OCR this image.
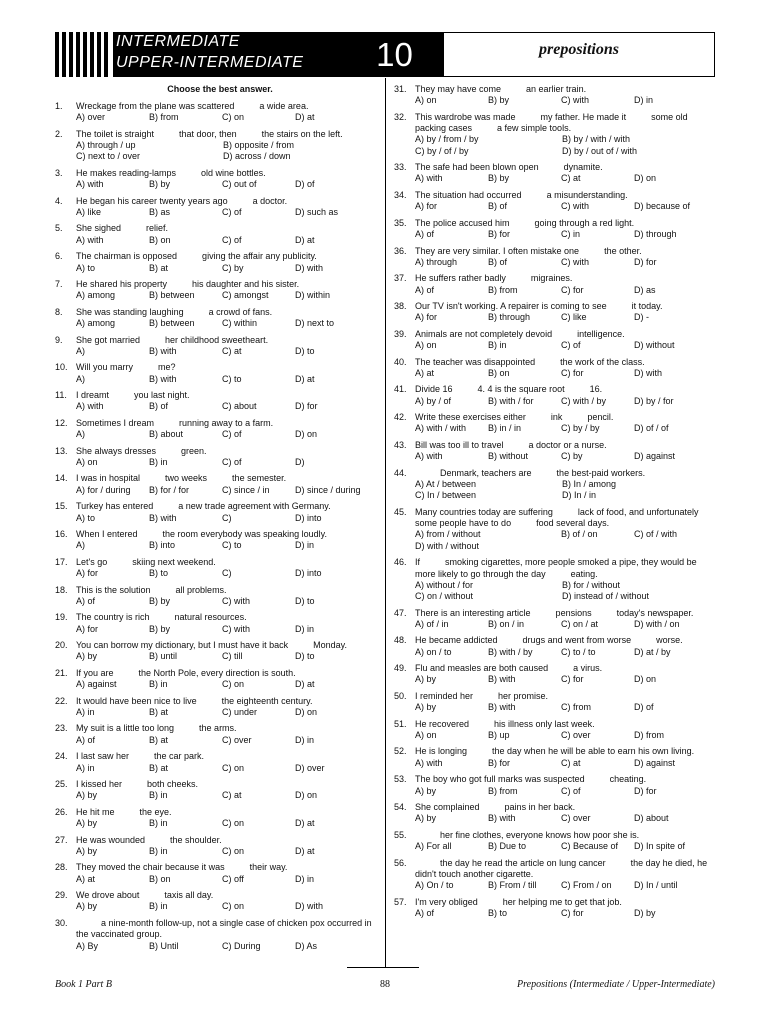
INTERMEDIATE
UPPER-INTERMEDIATE	10	prepositions
Choose the best answer.
1. Wreckage from the plane was scattered          a wide area.
A) over	B) from	C) on	D) at
2. The toilet is straight          that door, then          the stairs on the left.
A) through / up	B) opposite / from
C) next to / over	D) across / down
3. He makes reading-lamps          old wine bottles.
A) with	B) by	C) out of	D) of
4. He began his career twenty years ago          a doctor.
A) like	B) as	C) of	D) such as
5. She sighed          relief.
A) with	B) on	C) of	D) at
6. The chairman is opposed          giving the affair any publicity.
A) to	B) at	C) by	D) with
7. He shared his property          his daughter and his sister.
A) among	B) between	C) amongst	D) within
8. She was standing laughing          a crowd of fans.
A) among	B) between	C) within	D) next to
9. She got married          her childhood sweetheart.
A)	B) with	C) at	D) to
10. Will you marry          me?
A)	B) with	C) to	D) at
11. I dreamt          you last night.
A) with	B) of	C) about	D) for
12. Sometimes I dream          running away to a farm.
A)	B) about	C) of	D) on
13. She always dresses          green.
A) on	B) in	C) of	D)
14. I was in hospital          two weeks          the semester.
A) for / during	B) for / for	C) since / in	D) since / during
15. Turkey has entered          a new trade agreement with Germany.
A) to	B) with	C)	D) into
16. When I entered          the room everybody was speaking loudly.
A)	B) into	C) to	D) in
17. Let's go          skiing next weekend.
A) for	B) to	C)	D) into
18. This is the solution          all problems.
A) of	B) by	C) with	D) to
19. The country is rich          natural resources.
A) for	B) by	C) with	D) in
20. You can borrow my dictionary, but I must have it back          Monday.
A) by	B) until	C) till	D) to
21. If you are          the North Pole, every direction is south.
A) against	B) in	C) on	D) at
22. It would have been nice to live          the eighteenth century.
A) in	B) at	C) under	D) on
23. My suit is a little too long          the arms.
A) of	B) at	C) over	D) in
24. I last saw her          the car park.
A) in	B) at	C) on	D) over
25. I kissed her          both cheeks.
A) by	B) in	C) at	D) on
26. He hit me          the eye.
A) by	B) in	C) on	D) at
27. He was wounded          the shoulder.
A) by	B) in	C) on	D) at
28. They moved the chair because it was          their way.
A) at	B) on	C) off	D) in
29. We drove about          taxis all day.
A) by	B) in	C) on	D) with
30. a nine-month follow-up, not a single case of chicken pox occurred in the vaccinated group.
A) By	B) Until	C) During	D) As
31. They may have come          an earlier train.
A) on	B) by	C) with	D) in
32. This wardrobe was made          my father. He made it          some old packing cases          a few simple tools.
A) by / from / by	B) by / with / with
C) by / of / by	D) by / out of / with
33. The safe had been blown open          dynamite.
A) with	B) by	C) at	D) on
34. The situation had occurred          a misunderstanding.
A) for	B) of	C) with	D) because of
35. The police accused him          going through a red light.
A) of	B) for	C) in	D) through
36. They are very similar. I often mistake one          the other.
A) through	B) of	C) with	D) for
37. He suffers rather badly          migraines.
A) of	B) from	C) for	D) as
38. Our TV isn't working. A repairer is coming to see          it today.
A) for	B) through	C) like	D) -
39. Animals are not completely devoid          intelligence.
A) on	B) in	C) of	D) without
40. The teacher was disappointed          the work of the class.
A) at	B) on	C) for	D) with
41. Divide 16          4. 4 is the square root          16.
A) by / of	B) with / for	C) with / by	D) by / for
42. Write these exercises either          ink          pencil.
A) with / with	B) in / in	C) by / by	D) of / of
43. Bill was too ill to travel          a doctor or a nurse.
A) with	B) without	C) by	D) against
44. Denmark, teachers are          the best-paid workers.
A) At / between	B) In / among
C) In / between	D) In / in
45. Many countries today are suffering          lack of food, and unfortunately some people have to do          food several days.
A) from / without	B) of / on	C) of / with
D) with / without
46. If          smoking cigarettes, more people smoked a pipe, they would be more likely to go through the day          eating.
A) without / for	B) for / without
C) on / without	D) instead of / without
47. There is an interesting article          pensions          today's newspaper.
A) of / in	B) on / in	C) on / at	D) with / on
48. He became addicted          drugs and went from worse          worse.
A) on / to	B) with / by	C) to / to	D) at / by
49. Flu and measles are both caused          a virus.
A) by	B) with	C) for	D) on
50. I reminded her          her promise.
A) by	B) with	C) from	D) of
51. He recovered          his illness only last week.
A) on	B) up	C) over	D) from
52. He is longing          the day when he will be able to earn his own living.
A) with	B) for	C) at	D) against
53. The boy who got full marks was suspected          cheating.
A) by	B) from	C) of	D) for
54. She complained          pains in her back.
A) by	B) with	C) over	D) about
55. her fine clothes, everyone knows how poor she is.
A) For all	B) Due to	C) Because of	D) In spite of
56. the day he read the article on lung cancer          the day he died, he didn't touch another cigarette.
A) On / to	B) From / till	C) From / on	D) In / until
57. I'm very obliged          her helping me to get that job.
A) of	B) to	C) for	D) by
Book 1 Part B	88	Prepositions (Intermediate / Upper-Intermediate)
